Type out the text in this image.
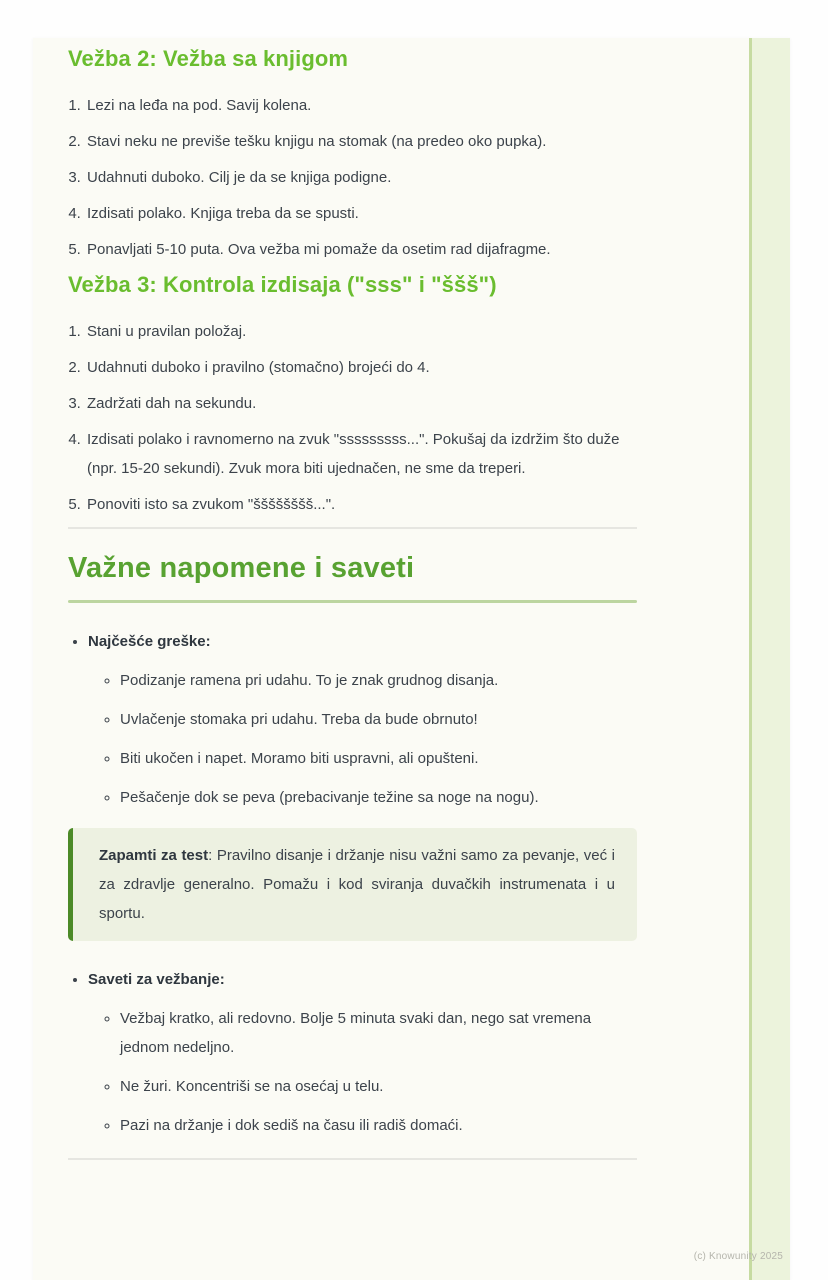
Vežba 2: Vežba sa knjigom
1. Lezi na leđa na pod. Savij kolena.
2. Stavi neku ne previše tešku knjigu na stomak (na predeo oko pupka).
3. Udahnuti duboko. Cilj je da se knjiga podigne.
4. Izdisati polako. Knjiga treba da se spusti.
5. Ponavljati 5-10 puta. Ova vežba mi pomaže da osetim rad dijafragme.
Vežba 3: Kontrola izdisaja ("sss" i "ššš")
1. Stani u pravilan položaj.
2. Udahnuti duboko i pravilno (stomačno) brojeći do 4.
3. Zadržati dah na sekundu.
4. Izdisati polako i ravnomerno na zvuk "sssssssss...". Pokušaj da izdržim što duže (npr. 15-20 sekundi). Zvuk mora biti ujednačen, ne sme da treperi.
5. Ponoviti isto sa zvukom "šššššššš...".
Važne napomene i saveti
• Najčešće greške:
◦ Podizanje ramena pri udahu. To je znak grudnog disanja.
◦ Uvlačenje stomaka pri udahu. Treba da bude obrnuto!
◦ Biti ukočen i napet. Moramo biti uspravni, ali opušteni.
◦ Pešačenje dok se peva (prebacivanje težine sa noge na nogu).
Zapamti za test: Pravilno disanje i držanje nisu važni samo za pevanje, već i za zdravlje generalno. Pomažu i kod sviranja duvačkih instrumenata i u sportu.
• Saveti za vežbanje:
◦ Vežbaj kratko, ali redovno. Bolje 5 minuta svaki dan, nego sat vremena jednom nedeljno.
◦ Ne žuri. Koncentriši se na osećaj u telu.
◦ Pazi na držanje i dok sediš na času ili radiš domaći.
(c) Knowunity 2025
